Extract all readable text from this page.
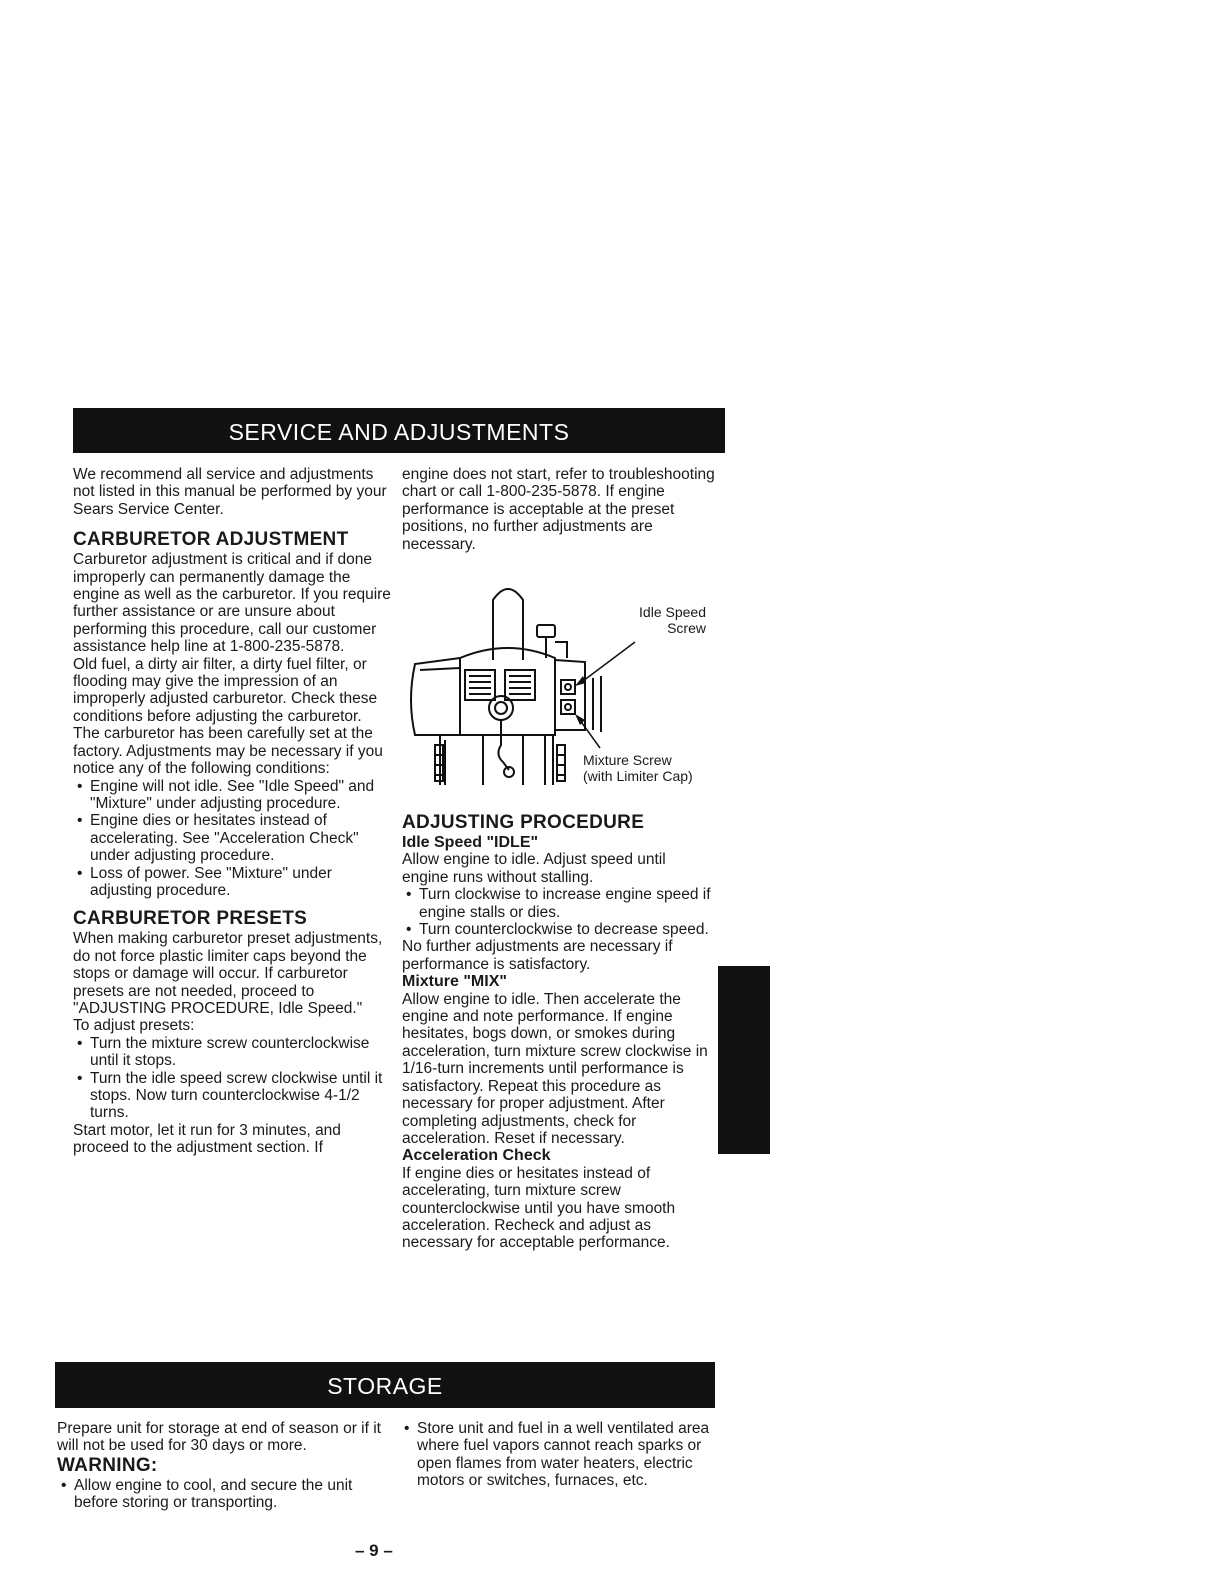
SERVICE AND ADJUSTMENTS

We recommend all service and adjustments not listed in this manual be performed by your Sears Service Center.

CARBURETOR ADJUSTMENT

Carburetor adjustment is critical and if done improperly can permanently damage the engine as well as the carburetor. If you require further assistance or are unsure about performing this procedure, call our customer assistance help line at 1-800-235-5878.

Old fuel, a dirty air filter, a dirty fuel filter, or flooding may give the impression of an improperly adjusted carburetor. Check these conditions before adjusting the carburetor.

The carburetor has been carefully set at the factory. Adjustments may be necessary if you notice any of the following conditions:

• Engine will not idle. See "Idle Speed" and "Mixture" under adjusting procedure.
• Engine dies or hesitates instead of accelerating. See "Acceleration Check" under adjusting procedure.
• Loss of power. See "Mixture" under adjusting procedure.
CARBURETOR PRESETS

When making carburetor preset adjustments, do not force plastic limiter caps beyond the stops or damage will occur. If carburetor presets are not needed, proceed to "ADJUSTING PROCEDURE, Idle Speed."

To adjust presets:

• Turn the mixture screw counterclockwise until it stops.
• Turn the idle speed screw clockwise until it stops. Now turn counterclockwise 4-1/2 turns.

Start motor, let it run for 3 minutes, and proceed to the adjustment section. If

engine does not start, refer to troubleshooting chart or call 1-800-235-5878. If engine performance is acceptable at the preset positions, no further adjustments are necessary.

Idle Speed Screw
Mixture Screw
(with Limiter Cap)
ADJUSTING PROCEDURE
Idle Speed "IDLE"

Allow engine to idle. Adjust speed until engine runs without stalling.

• Turn clockwise to increase engine speed if engine stalls or dies.
• Turn counterclockwise to decrease speed.

No further adjustments are necessary if performance is satisfactory.

Mixture "MIX"

Allow engine to idle. Then accelerate the engine and note performance. If engine hesitates, bogs down, or smokes during acceleration, turn mixture screw clockwise in 1/16-turn increments until performance is satisfactory. Repeat this procedure as necessary for proper adjustment. After completing adjustments, check for acceleration. Reset if necessary.

Acceleration Check

If engine dies or hesitates instead of accelerating, turn mixture screw counterclockwise until you have smooth acceleration. Recheck and adjust as necessary for acceptable performance.

STORAGE

Prepare unit for storage at end of season or if it will not be used for 30 days or more.

WARNING:
• Allow engine to cool, and secure the unit before storing or transporting.
• Store unit and fuel in a well ventilated area where fuel vapors cannot reach sparks or open flames from water heaters, electric motors or switches, furnaces, etc.
– 9 –
